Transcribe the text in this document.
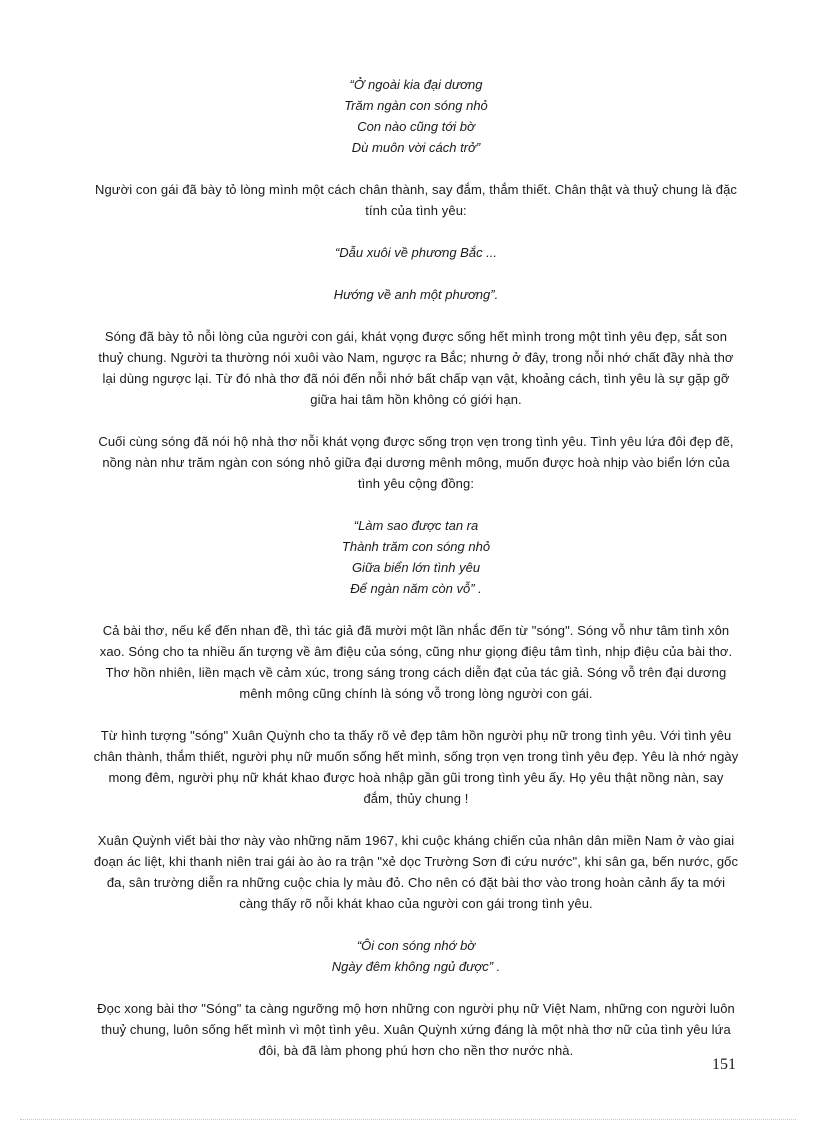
“Ở ngoài kia đại dương
Trăm ngàn con sóng nhỏ
Con nào cũng tới bờ
Dù muôn vời cách trở”

Người con gái đã bày tỏ lòng mình một cách chân thành, say đắm, thắm thiết. Chân thật và thuỷ chung là đặc tính của tình yêu:

“Dẫu xuôi về phương Bắc ...
Hướng về anh một phương”.

Sóng đã bày tỏ nỗi lòng của người con gái, khát vọng được sống hết mình trong một tình yêu đẹp, sắt son thuỷ chung. Người ta thường nói xuôi vào Nam, ngược ra Bắc; nhưng ở đây, trong nỗi nhớ chất đầy nhà thơ lại dùng ngược lại. Từ đó nhà thơ đã nói đến nỗi nhớ bất chấp vạn vật, khoảng cách, tình yêu là sự gặp gỡ giữa hai tâm hồn không có giới hạn.

Cuối cùng sóng đã nói hộ nhà thơ nỗi khát vọng được sống trọn vẹn trong tình yêu. Tình yêu lứa đôi đẹp đẽ, nồng nàn như trăm ngàn con sóng nhỏ giữa đại dương mênh mông, muốn được hoà nhịp vào biển lớn của tình yêu cộng đồng:

“Làm sao được tan ra
Thành trăm con sóng nhỏ
Giữa biển lớn tình yêu
Để ngàn năm còn vỗ” .

Cả bài thơ, nếu kể đến nhan đề, thì tác giả đã mười một lần nhắc đến từ "sóng". Sóng vỗ như tâm tình xôn xao. Sóng cho ta nhiều ấn tượng về âm điệu của sóng, cũng như giọng điệu tâm tình, nhịp điệu của bài thơ. Thơ hồn nhiên, liền mạch về cảm xúc, trong sáng trong cách diễn đạt của tác giả. Sóng vỗ trên đại dương mênh mông cũng chính là sóng vỗ trong lòng người con gái.

Từ hình tượng "sóng" Xuân Quỳnh cho ta thấy rõ vẻ đẹp tâm hồn người phụ nữ trong tình yêu. Với tình yêu chân thành, thắm thiết, người phụ nữ muốn sống hết mình, sống trọn vẹn trong tình yêu đẹp. Yêu là nhớ ngày mong đêm, người phụ nữ khát khao được hoà nhập gần gũi trong tình yêu ấy. Họ yêu thật nồng nàn, say đắm, thủy chung !

Xuân Quỳnh viết bài thơ này vào những năm 1967, khi cuộc kháng chiến của nhân dân miền Nam ở vào giai đoạn ác liệt, khi thanh niên trai gái ào ào ra trận "xẻ dọc Trường Sơn đi cứu nước", khi sân ga, bến nước, gốc đa, sân trường diễn ra những cuộc chia ly màu đỏ. Cho nên có đặt bài thơ vào trong hoàn cảnh ấy ta mới càng thấy rõ nỗi khát khao của người con gái trong tình yêu.

“Ôi con sóng nhớ bờ
Ngày đêm không ngủ được” .

Đọc xong bài thơ "Sóng" ta càng ngưỡng mộ hơn những con người phụ nữ Việt Nam, những con người luôn thuỷ chung, luôn sống hết mình vì một tình yêu. Xuân Quỳnh xứng đáng là một nhà thơ nữ của tình yêu lứa đôi, bà đã làm phong phú hơn cho nền thơ nước nhà.

151
